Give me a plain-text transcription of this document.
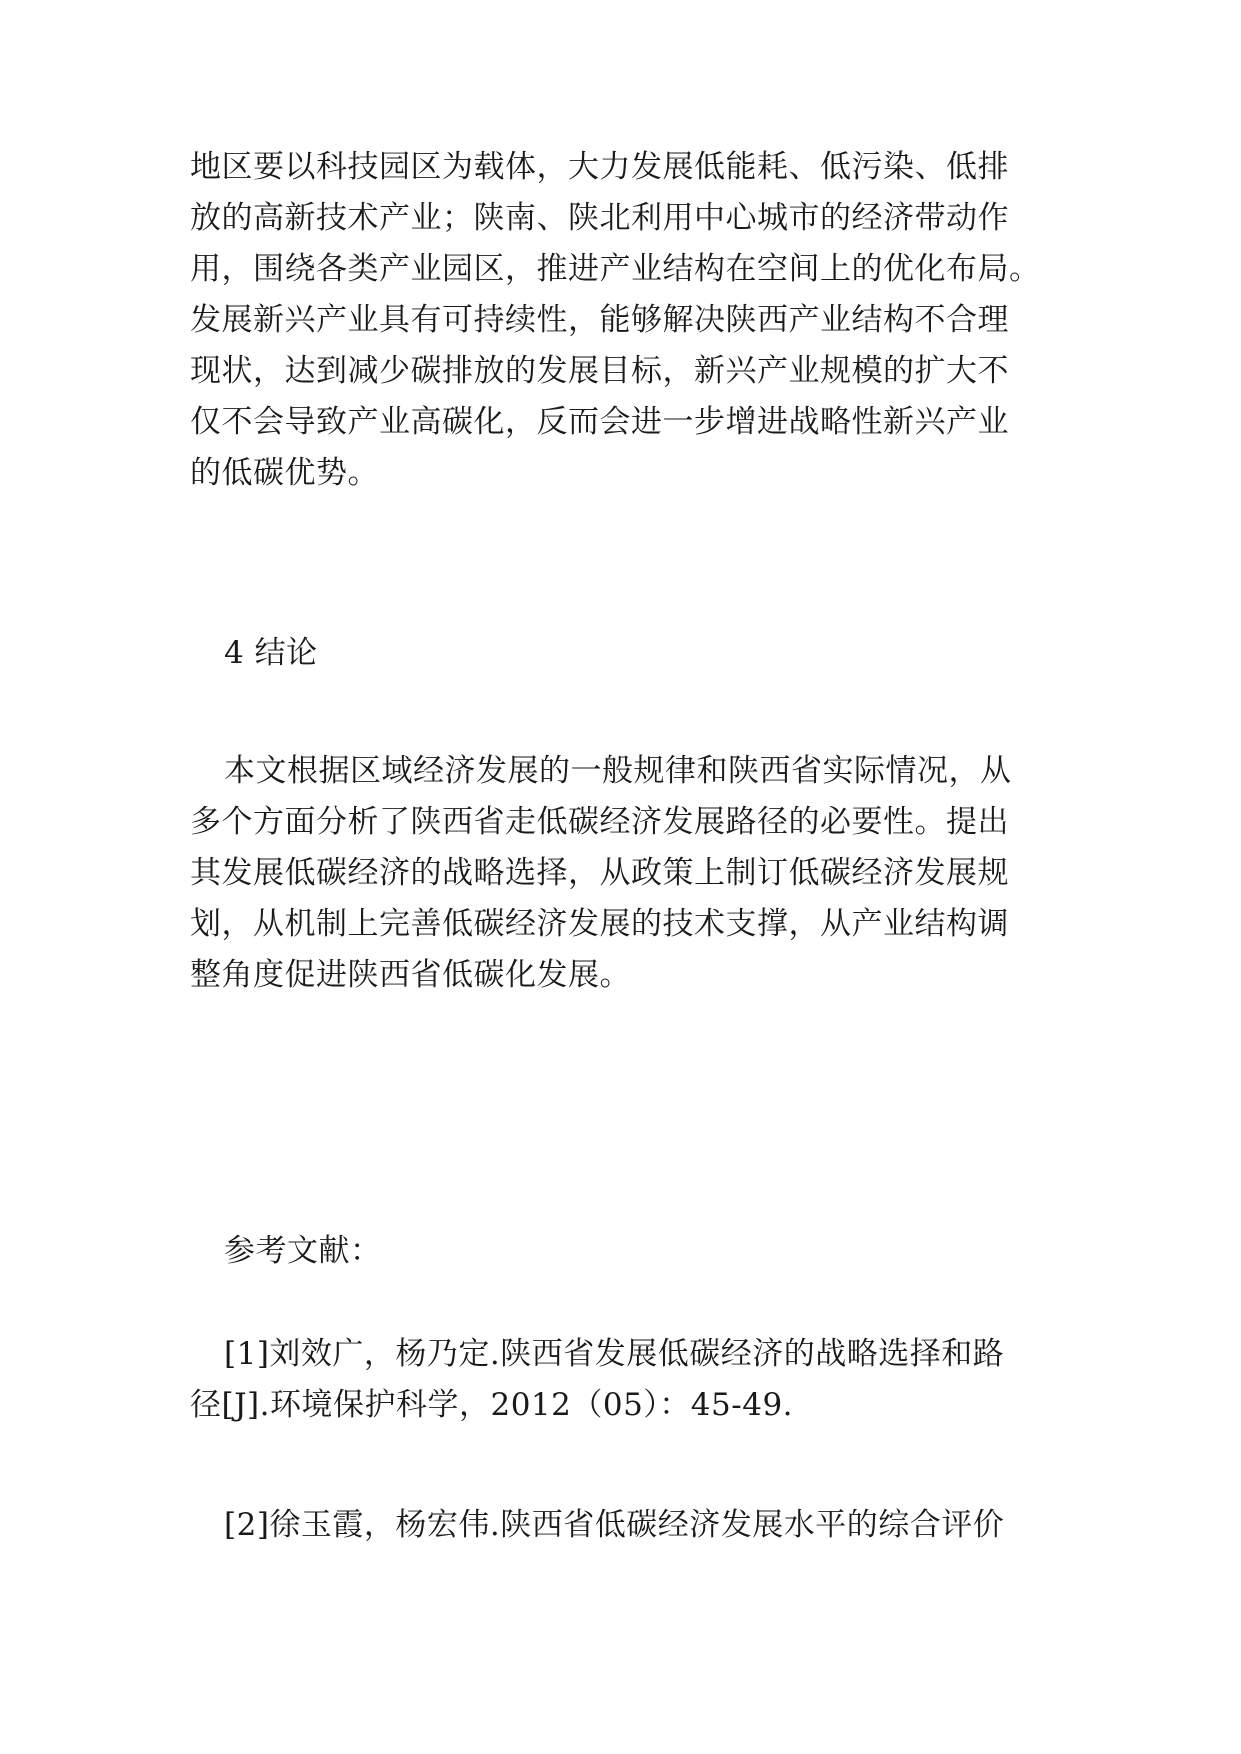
地区要以科技园区为载体，大力发展低能耗、低污染、低排
放的高新技术产业；陕南、陕北利用中心城市的经济带动作
用，围绕各类产业园区，推进产业结构在空间上的优化布局。
发展新兴产业具有可持续性，能够解决陕西产业结构不合理
现状，达到减少碳排放的发展目标，新兴产业规模的扩大不
仅不会导致产业高碳化，反而会进一步增进战略性新兴产业
的低碳优势。
4 结论
本文根据区域经济发展的一般规律和陕西省实际情况，从
多个方面分析了陕西省走低碳经济发展路径的必要性。提出
其发展低碳经济的战略选择，从政策上制订低碳经济发展规
划，从机制上完善低碳经济发展的技术支撑，从产业结构调
整角度促进陕西省低碳化发展。
参考文献：
[1]刘效广，杨乃定.陕西省发展低碳经济的战略选择和路
径[J].环境保护科学，2012（05）：45-49.
[2]徐玉霞，杨宏伟.陕西省低碳经济发展水平的综合评价
